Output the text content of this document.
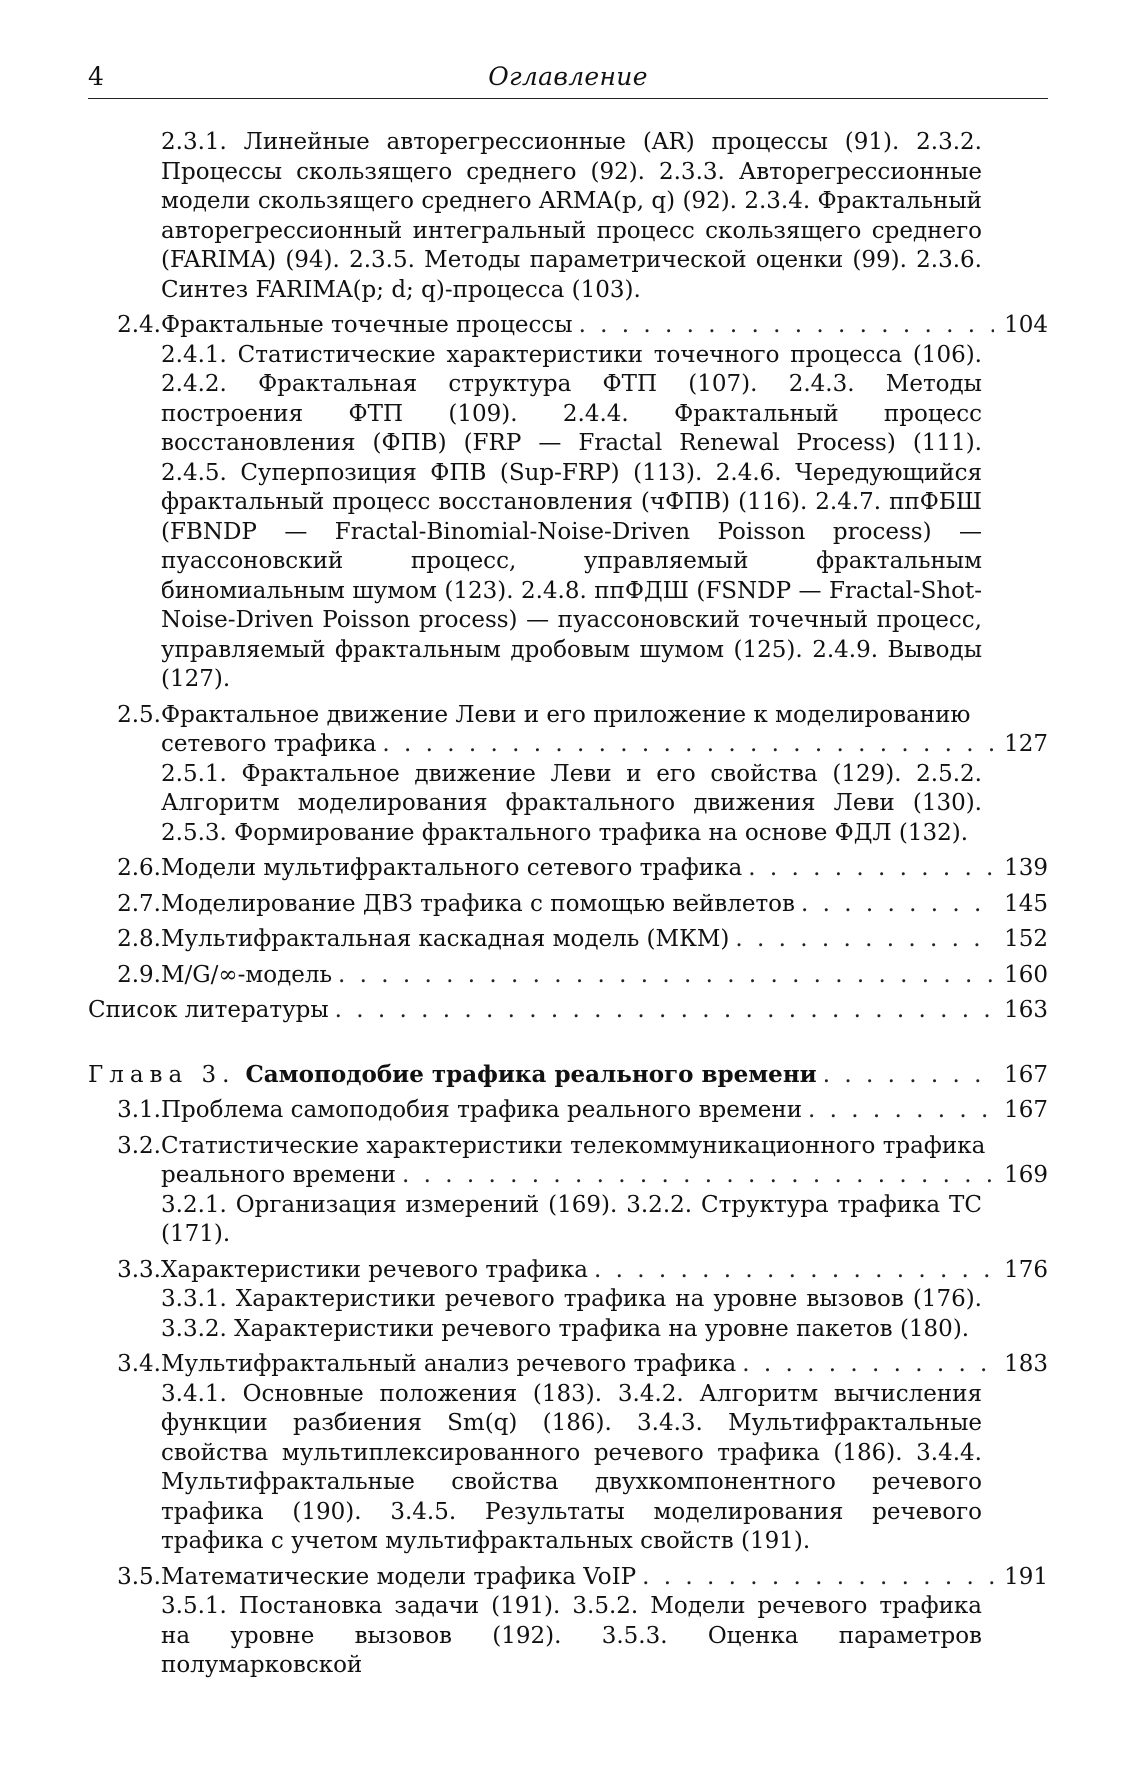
4	Оглавление
2.3.1. Линейные авторегрессионные (AR) процессы (91). 2.3.2. Процессы скользящего среднего (92). 2.3.3. Авторегрессионные модели скользящего среднего ARMA(p, q) (92). 2.3.4. Фрактальный авторегрессионный интегральный процесс скользящего среднего (FARIMA) (94). 2.3.5. Методы параметрической оценки (99). 2.3.6. Синтез FARIMA(p; d; q)-процесса (103).
2.4. Фрактальные точечные процессы . . .	104
2.4.1. Статистические характеристики точечного процесса (106). 2.4.2. Фрактальная структура ФТП (107). 2.4.3. Методы построения ФТП (109). 2.4.4. Фрактальный процесс восстановления (ФПВ) (FRP — Fractal Renewal Process) (111). 2.4.5. Суперпозиция ФПВ (Sup-FRP) (113). 2.4.6. Чередующийся фрактальный процесс восстановления (чФПВ) (116). 2.4.7. ппФБШ (FBNDP — Fractal-Binomial-Noise-Driven Poisson process) — пуассоновский процесс, управляемый фрактальным биномиальным шумом (123). 2.4.8. ппФДШ (FSNDP — Fractal-Shot-Noise-Driven Poisson process) — пуассоновский точечный процесс, управляемый фрактальным дробовым шумом (125). 2.4.9. Выводы (127).
2.5. Фрактальное движение Леви и его приложение к моделированию
сетевого трафика . . .	127
2.5.1. Фрактальное движение Леви и его свойства (129). 2.5.2. Алгоритм моделирования фрактального движения Леви (130). 2.5.3. Формирование фрактального трафика на основе ФДЛ (132).
2.6. Модели мультифрактального сетевого трафика . . .	139
2.7. Моделирование ДВЗ трафика с помощью вейвлетов . . .	145
2.8. Мультифрактальная каскадная модель (МКМ) . . .	152
2.9. M/G/∞-модель . . .	160
Список литературы . . .	163
Глава 3. Самоподобие трафика реального времени . . .	167
3.1. Проблема самоподобия трафика реального времени . . .	167
3.2. Статистические характеристики телекоммуникационного трафика
реального времени . . .	169
3.2.1. Организация измерений (169). 3.2.2. Структура трафика ТС (171).
3.3. Характеристики речевого трафика . . .	176
3.3.1. Характеристики речевого трафика на уровне вызовов (176). 3.3.2. Характеристики речевого трафика на уровне пакетов (180).
3.4. Мультифрактальный анализ речевого трафика . . .	183
3.4.1. Основные положения (183). 3.4.2. Алгоритм вычисления функции разбиения Sm(q) (186). 3.4.3. Мультифрактальные свойства мультиплексированного речевого трафика (186). 3.4.4. Мультифрактальные свойства двухкомпонентного речевого трафика (190). 3.4.5. Результаты моделирования речевого трафика с учетом мультифрактальных свойств (191).
3.5. Математические модели трафика VoIP . . .	191
3.5.1. Постановка задачи (191). 3.5.2. Модели речевого трафика на уровне вызовов (192). 3.5.3. Оценка параметров полумарковской
